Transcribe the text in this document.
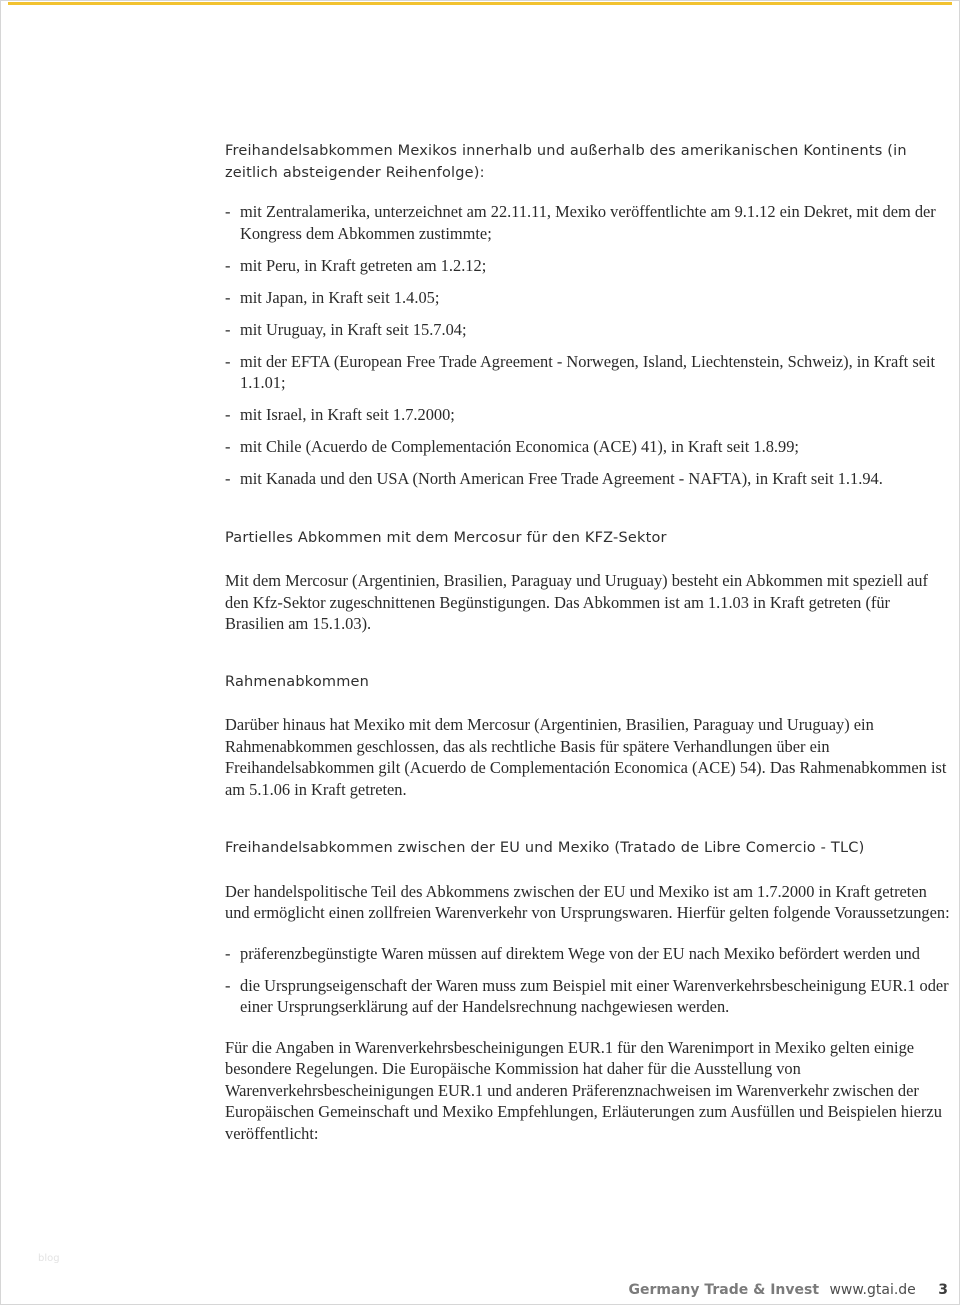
Freihandelsabkommen Mexikos innerhalb und außerhalb des amerikanischen Kontinents (in zeitlich absteigender Reihenfolge):

- mit Zentralamerika, unterzeichnet am 22.11.11, Mexiko veröffentlichte am 9.1.12 ein Dekret, mit dem der Kongress dem Abkommen zustimmte;
- mit Peru, in Kraft getreten am 1.2.12;
- mit Japan, in Kraft seit 1.4.05;
- mit Uruguay, in Kraft seit 15.7.04;
- mit der EFTA (European Free Trade Agreement - Norwegen, Island, Liechtenstein, Schweiz), in Kraft seit 1.1.01;
- mit Israel, in Kraft seit 1.7.2000;
- mit Chile (Acuerdo de Complementación Economica (ACE) 41), in Kraft seit 1.8.99;
- mit Kanada und den USA (North American Free Trade Agreement - NAFTA), in Kraft seit 1.1.94.

Partielles Abkommen mit dem Mercosur für den KFZ-Sektor

Mit dem Mercosur (Argentinien, Brasilien, Paraguay und Uruguay) besteht ein Abkommen mit speziell auf den Kfz-Sektor zugeschnittenen Begünstigungen. Das Abkommen ist am 1.1.03 in Kraft getreten (für Brasilien am 15.1.03).

Rahmenabkommen

Darüber hinaus hat Mexiko mit dem Mercosur (Argentinien, Brasilien, Paraguay und Uruguay) ein Rahmenabkommen geschlossen, das als rechtliche Basis für spätere Verhandlungen über ein Freihandelsabkommen gilt (Acuerdo de Complementación Economica (ACE) 54). Das Rahmenabkommen ist am 5.1.06 in Kraft getreten.

Freihandelsabkommen zwischen der EU und Mexiko (Tratado de Libre Comercio - TLC)

Der handelspolitische Teil des Abkommens zwischen der EU und Mexiko ist am 1.7.2000 in Kraft getreten und ermöglicht einen zollfreien Warenverkehr von Ursprungswaren. Hierfür gelten folgende Voraussetzungen:

- präferenzbegünstigte Waren müssen auf direktem Wege von der EU nach Mexiko befördert werden und
- die Ursprungseigenschaft der Waren muss zum Beispiel mit einer Warenverkehrsbescheinigung EUR.1 oder einer Ursprungserklärung auf der Handelsrechnung nachgewiesen werden.

Für die Angaben in Warenverkehrsbescheinigungen EUR.1 für den Warenimport in Mexiko gelten einige besondere Regelungen. Die Europäische Kommission hat daher für die Ausstellung von Warenverkehrsbescheinigungen EUR.1 und anderen Präferenznachweisen im Warenverkehr zwischen der Europäischen Gemeinschaft und Mexiko Empfehlungen, Erläuterungen zum Ausfüllen und Beispielen hierzu veröffentlicht:

blog
Germany Trade & Invest www.gtai.de 3
